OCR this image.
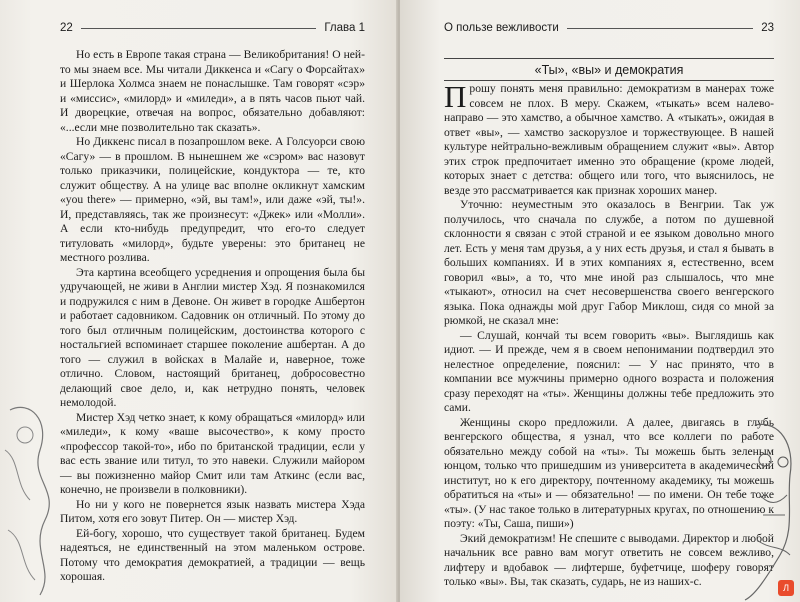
22	Глава 1

Но есть в Европе такая страна — Великобритания! О ней-то мы знаем все. Мы читали Диккенса и «Сагу о Форсайтах» и Шерлока Холмса знаем не понаслышке. Там говорят «сэр» и «миссис», «милорд» и «миледи», а в пять часов пьют чай. И дворецкие, отвечая на вопрос, обязательно добавляют: «...если мне позволительно так сказать».

Но Диккенс писал в позапрошлом веке. А Голсуорси свою «Сагу» — в прошлом. В нынешнем же «сэром» вас назовут только приказчики, полицейские, кондуктора — те, кто служит обществу. А на улице вас вполне окликнут хамским «you there» — примерно, «эй, вы там!», или даже «эй, ты!». И, представляясь, так же произнесут: «Джек» или «Молли». А если кто-нибудь предупредит, что его-то следует титуловать «милорд», будьте уверены: это британец не местного розлива.

Эта картина всеобщего усреднения и опрощения была бы удручающей, не живи в Англии мистер Хэд. Я познакомился и подружился с ним в Девоне. Он живет в городке Ашбертон и работает садовником. Садовник он отличный. По этому до того был отличным полицейским, достоинства которого с ностальгией вспоминает старшее поколение ашбертан. А до того — служил в войсках в Малайе и, наверное, тоже отлично. Словом, настоящий британец, добросовестно делающий свое дело, и, как нетрудно понять, человек немолодой.

Мистер Хэд четко знает, к кому обращаться «милорд» или «миледи», к кому «ваше высочество», к кому просто «профессор такой-то», ибо по британской традиции, если у вас есть звание или титул, то это навеки. Служили майором — вы пожизненно майор Смит или там Аткинс (если вас, конечно, не произвели в полковники).

Но ни у кого не повернется язык назвать мистера Хэда Питом, хотя его зовут Питер. Он — мистер Хэд.

Ей-богу, хорошо, что существует такой британец. Будем надеяться, не единственный на этом маленьком острове. Потому что демократия демократией, а традиции — вещь хорошая.

О пользе вежливости	23
«Ты», «вы» и демократия

Прошу понять меня правильно: демократизм в манерах тоже совсем не плох. В меру. Скажем, «тыкать» всем налево-направо — это хамство, а обычное хамство. А «тыкать», ожидая в ответ «вы», — хамство заскорузлое и торжествующее. В нашей культуре нейтрально-вежливым обращением служит «вы». Автор этих строк предпочитает именно это обращение (кроме людей, которых знает с детства: общего или того, что выяснилось, не везде это рассматривается как признак хороших манер.

Уточню: неуместным это оказалось в Венгрии. Так уж получилось, что сначала по службе, а потом по душевной склонности я связан с этой страной и ее языком довольно много лет. Есть у меня там друзья, а у них есть друзья, и стал я бывать в больших компаниях. И в этих компаниях я, естественно, всем говорил «вы», а то, что мне иной раз слышалось, что мне «тыкают», относил на счет несовершенства своего венгерского языка. Пока однажды мой друг Габор Миклош, сидя со мной за рюмкой, не сказал мне:

— Слушай, кончай ты всем говорить «вы». Выглядишь как идиот. — И прежде, чем я в своем непонимании подтвердил это нелестное определение, пояснил: — У нас принято, что в компании все мужчины примерно одного возраста и положения сразу переходят на «ты». Женщины должны тебе предложить это сами.

Женщины скоро предложили. А далее, двигаясь в глубь венгерского общества, я узнал, что все коллеги по работе обязательно между собой на «ты». Ты можешь быть зеленым юнцом, только что пришедшим из университета в академический институт, но к его директору, почтенному академику, ты можешь обратиться на «ты» и — обязательно! — по имени. Он тебе тоже «ты». (У нас такое только в литературных кругах, по отношению к поэту: «Ты, Саша, пиши»)

Экий демократизм! Не спешите с выводами. Директор и любой начальник все равно вам могут ответить не совсем вежливо, лифтеру и вдобавок — лифтерше, буфетчице, шоферу говорят только «вы». Вы, так сказать, сударь, не из наших-с.	Л
